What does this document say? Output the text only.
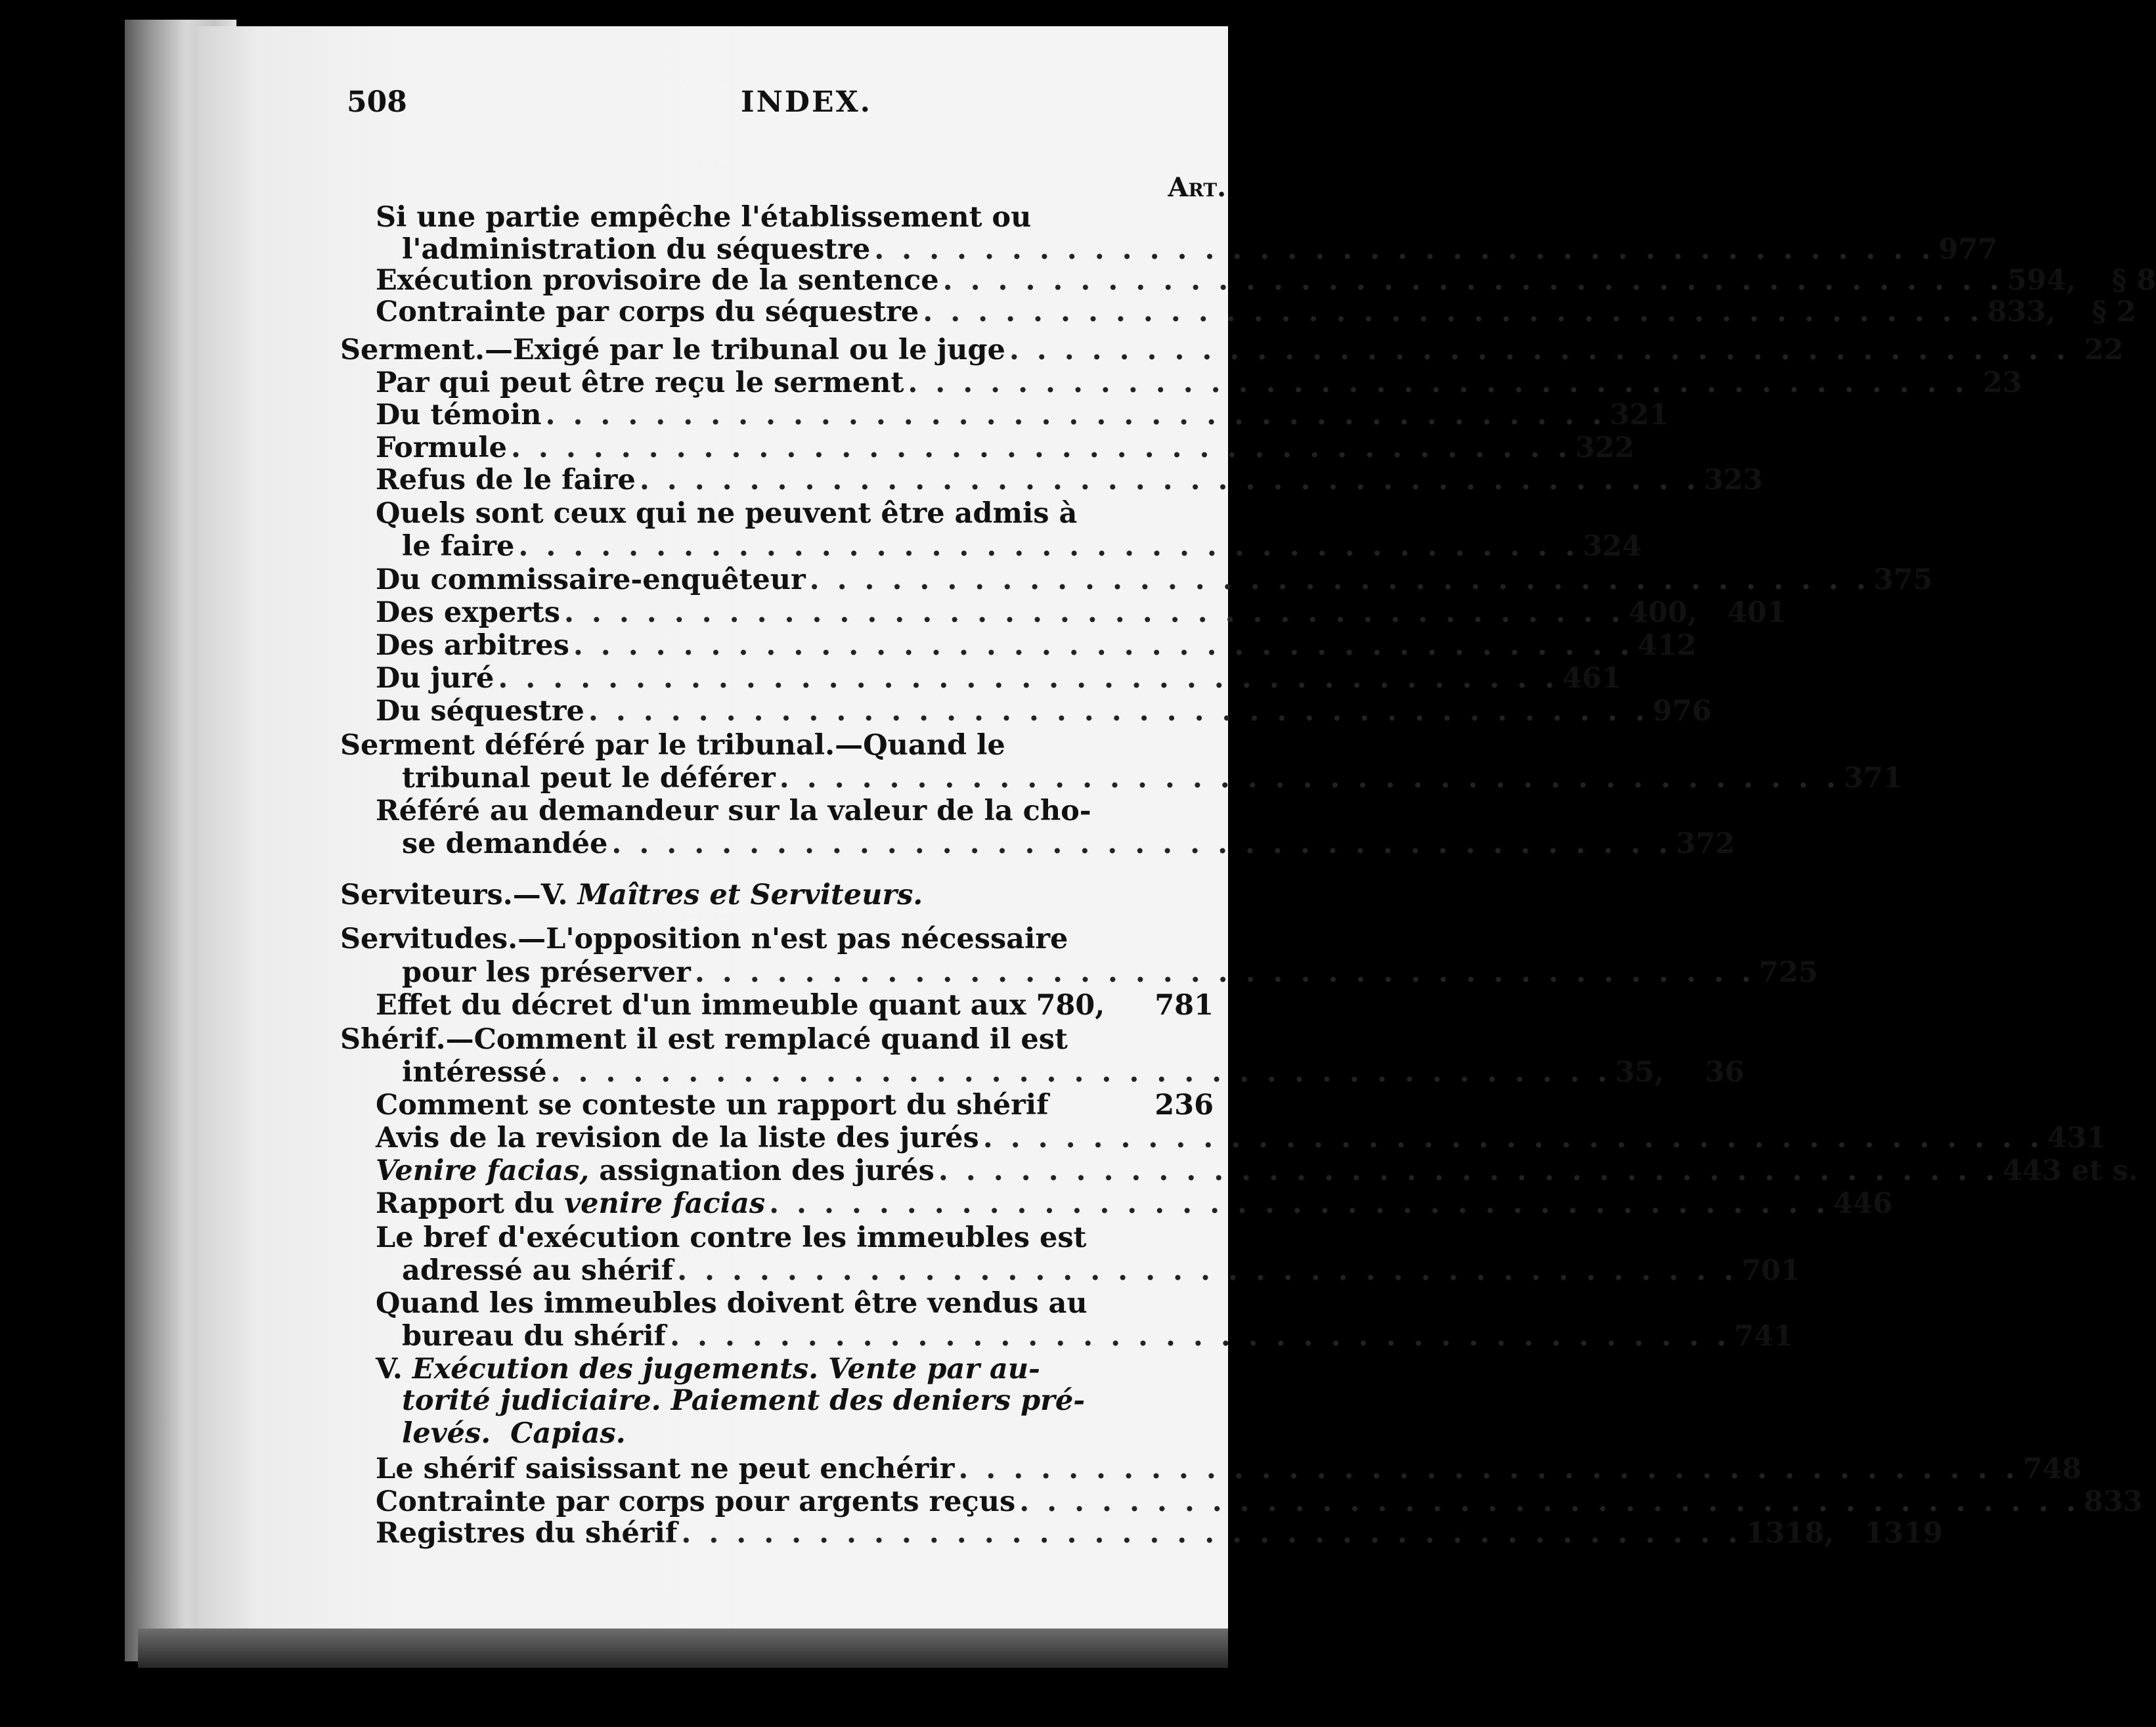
508	INDEX.
Art.
Si une partie empêche l'établissement ou
l'administration du séquestre . . . . . . . . . . . . . . . . . . . . . . . . . . . . . . . . . . . . . . . 977
Exécution provisoire de la sentence . . . . . . . . . . . . . . . . . . . . . . . . . . . . . . . . . . . . . . . 594, § 8
Contrainte par corps du séquestre . . . . . . . . . . . . . . . . . . . . . . . . . . . . . . . . . . . . . . . 833, § 2
Serment.—Exigé par le tribunal ou le juge . . . . . . . . . . . . . . . . . . . . . . . . . . . . . . . . . . . . . . . 22
Par qui peut être reçu le serment . . . . . . . . . . . . . . . . . . . . . . . . . . . . . . . . . . . . . . . 23
Du témoin . . . . . . . . . . . . . . . . . . . . . . . . . . . . . . . . . . . . . . . 321
Formule . . . . . . . . . . . . . . . . . . . . . . . . . . . . . . . . . . . . . . . 322
Refus de le faire . . . . . . . . . . . . . . . . . . . . . . . . . . . . . . . . . . . . . . . 323
Quels sont ceux qui ne peuvent être admis à
le faire . . . . . . . . . . . . . . . . . . . . . . . . . . . . . . . . . . . . . . . 324
Du commissaire-enquêteur . . . . . . . . . . . . . . . . . . . . . . . . . . . . . . . . . . . . . . . 375
Des experts . . . . . . . . . . . . . . . . . . . . . . . . . . . . . . . . . . . . . . . 400, 401
Des arbitres . . . . . . . . . . . . . . . . . . . . . . . . . . . . . . . . . . . . . . . 412
Du juré . . . . . . . . . . . . . . . . . . . . . . . . . . . . . . . . . . . . . . . 461
Du séquestre . . . . . . . . . . . . . . . . . . . . . . . . . . . . . . . . . . . . . . . 976
Serment déféré par le tribunal.—Quand le
tribunal peut le déférer . . . . . . . . . . . . . . . . . . . . . . . . . . . . . . . . . . . . . . . 371
Référé au demandeur sur la valeur de la cho-
se demandée . . . . . . . . . . . . . . . . . . . . . . . . . . . . . . . . . . . . . . . 372
Serviteurs.—V. Maîtres et Serviteurs.
Servitudes.—L'opposition n'est pas nécessaire
pour les préserver . . . . . . . . . . . . . . . . . . . . . . . . . . . . . . . . . . . . . . . 725
Effet du décret d'un immeuble quant aux 780, 781
Shérif.—Comment il est remplacé quand il est
intéressé . . . . . . . . . . . . . . . . . . . . . . . . . . . . . . . . . . . . . . . 35,	36
Comment se conteste un rapport du shérif	236
Avis de la revision de la liste des jurés . . . . . . . . . . . . . . . . . . . . . . . . . . . . . . . . . . . . . . . 431
Venire facias, assignation des jurés . . . . . . . . . . . . . . . . . . . . . . . . . . . . . . . . . . . . . . . 443 et s.
Rapport du venire facias . . . . . . . . . . . . . . . . . . . . . . . . . . . . . . . . . . . . . . . 446
Le bref d'exécution contre les immeubles est
adressé au shérif . . . . . . . . . . . . . . . . . . . . . . . . . . . . . . . . . . . . . . . 701
Quand les immeubles doivent être vendus au
bureau du shérif . . . . . . . . . . . . . . . . . . . . . . . . . . . . . . . . . . . . . . . 741
V. Exécution des jugements. Vente par au-
torité judiciaire. Paiement des deniers pré-
levés.  Capias.
Le shérif saisissant ne peut enchérir . . . . . . . . . . . . . . . . . . . . . . . . . . . . . . . . . . . . . . . 748
Contrainte par corps pour argents reçus . . . . . . . . . . . . . . . . . . . . . . . . . . . . . . . . . . . . . . . 833
Registres du shérif . . . . . . . . . . . . . . . . . . . . . . . . . . . . . . . . . . . . . . . 1318, 1319
